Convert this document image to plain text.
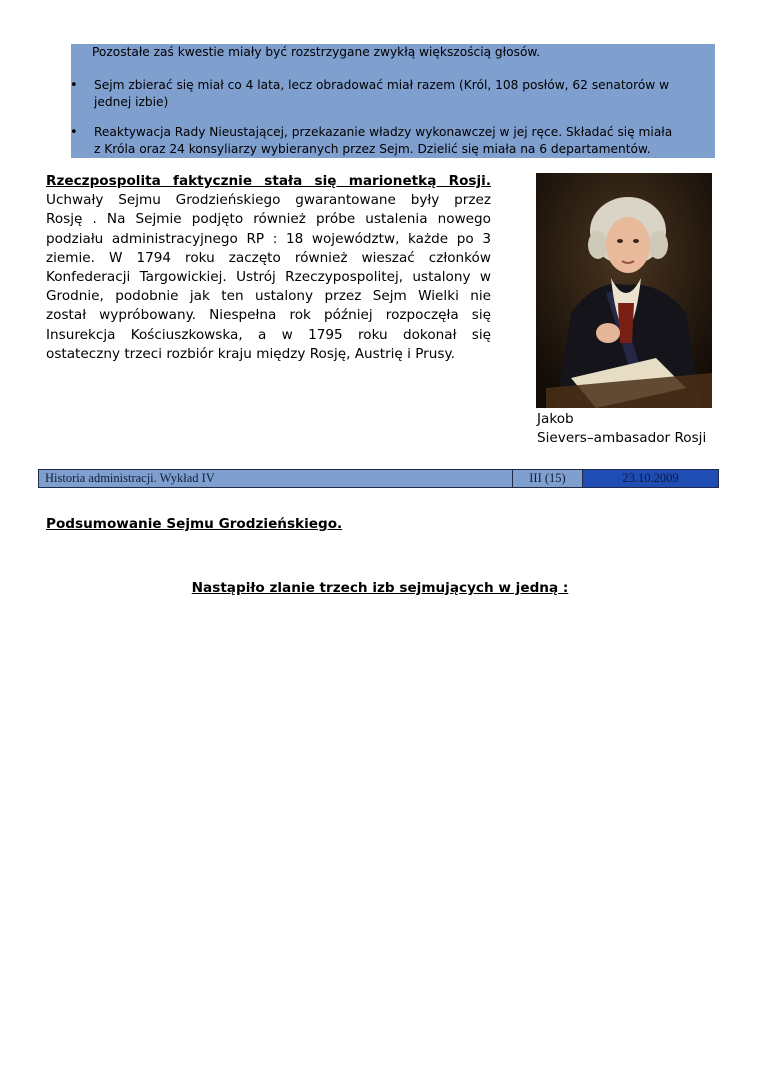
Pozostałe zaś kwestie miały być rozstrzygane zwykłą większością głosów.
• Sejm zbierać się miał co 4 lata, lecz obradować miał razem (Król, 108 posłów, 62 senatorów w
jednej izbie)
• Reaktywacja Rady Nieustającej, przekazanie władzy wykonawczej w jej ręce. Składać się miała
z Króla oraz 24 konsyliarzy wybieranych przez Sejm. Dzielić się miała na 6 departamentów.
Rzeczpospolita faktycznie stała się marionetką Rosji.
Uchwały Sejmu Grodzieńskiego gwarantowane były przez
Rosję . Na Sejmie podjęto również próbe ustalenia nowego
podziału administracyjnego RP : 18 województw, każde po 3
ziemie. W 1794 roku zaczęto również wieszać członków
Konfederacji Targowickiej. Ustrój Rzeczypospolitej, ustalony w
Grodnie, podobnie jak ten ustalony przez Sejm Wielki nie
został wypróbowany. Niespełna rok później rozpoczęła się
Insurekcja Kościuszkowska, a w 1795 roku dokonał się
ostateczny trzeci rozbiór kraju między Rosję, Austrię i Prusy.
Jakob
Sievers–ambasador Rosji
Historia administracji. Wykład IV	III (15)	23.10.2009
Podsumowanie Sejmu Grodzieńskiego.
Nastąpiło zlanie trzech izb sejmujących w jedną :
